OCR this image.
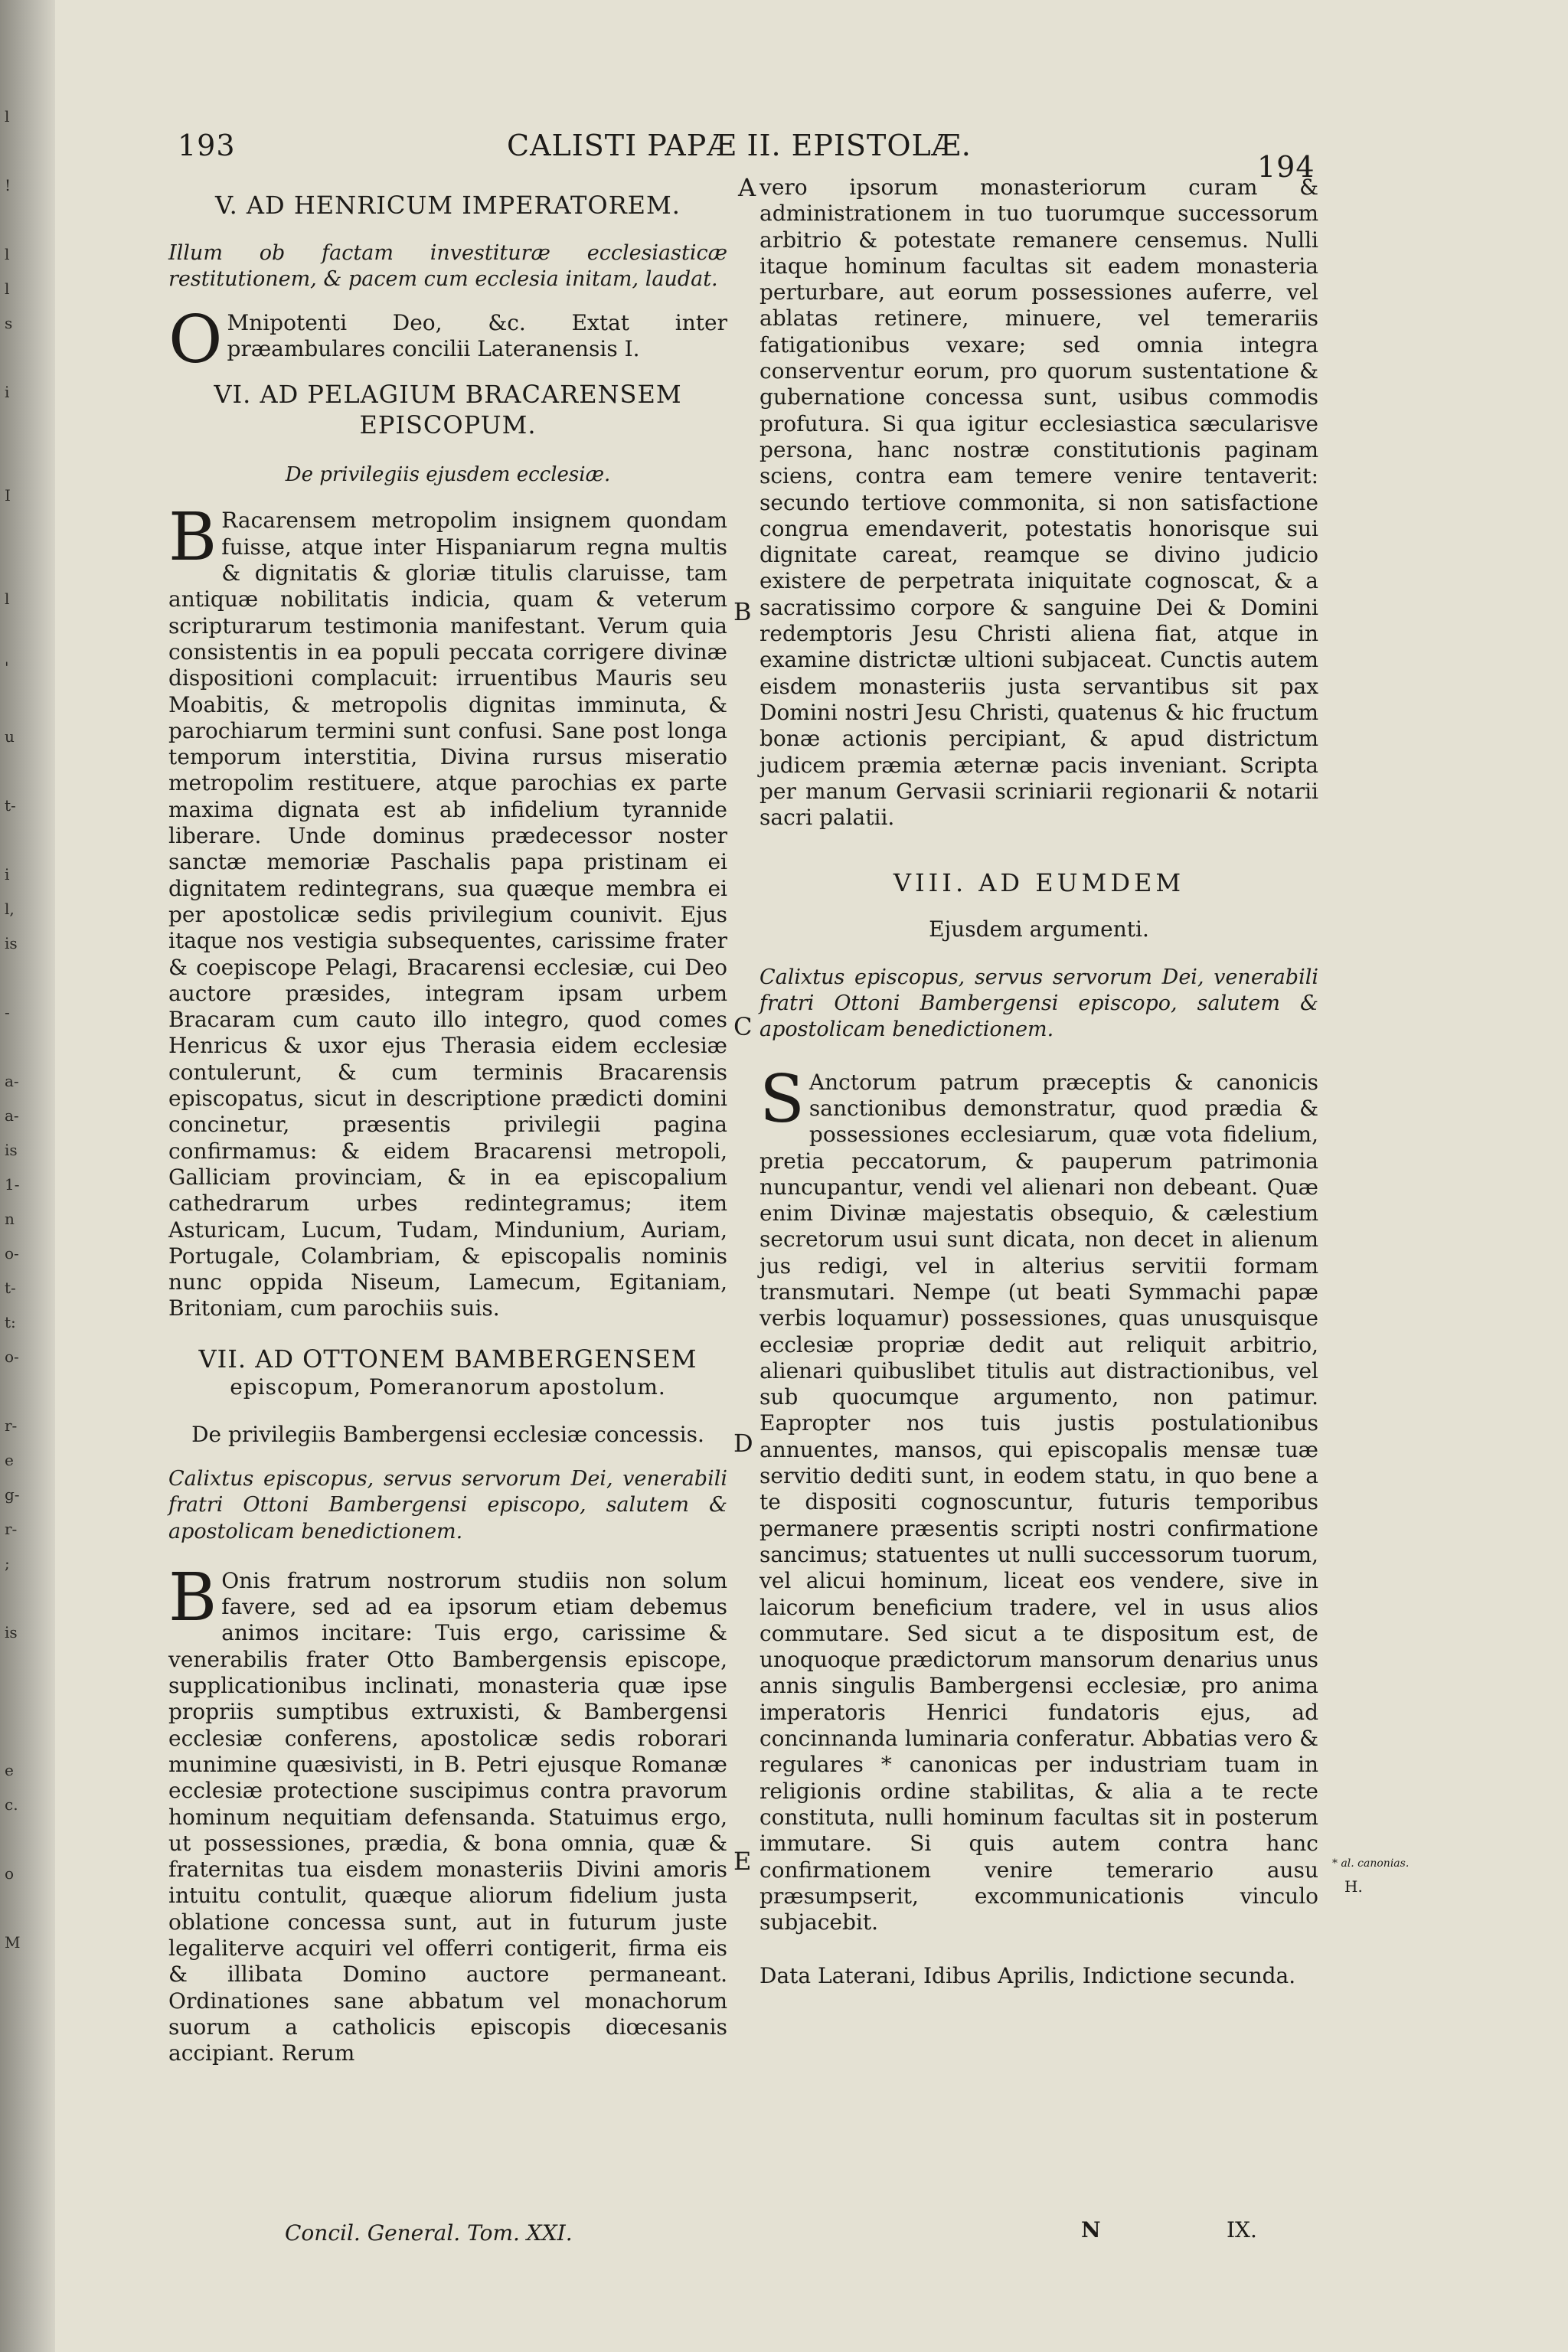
l
!
l
l
s
i
I
l
'
u
t-
i
l,
is
-
a-
a-
is
1-
n
o-
t-
t:
o-
r-
e
g-
r-
;
is
e
c.
o
M
193	CALISTI PAPÆ II. EPISTOLÆ.
194
A
B
C
D
E

V. AD HENRICUM IMPERATOREM.

Illum ob factam investituræ ecclesiasticæ restitutionem, & pacem cum ecclesia initam, laudat.

O Mnipotenti Deo, &c. Extat inter præambulares concilii Lateranensis I.

VI. AD PELAGIUM BRACARENSEM

EPISCOPUM.

De privilegiis ejusdem ecclesiæ.

B Racarensem metropolim insignem quondam fuisse, atque inter Hispaniarum regna multis & dignitatis & gloriæ titulis claruisse, tam antiquæ nobilitatis indicia, quam & veterum scripturarum testimonia manifestant. Verum quia consistentis in ea populi peccata corrigere divinæ dispositioni complacuit: irruentibus Mauris seu Moabitis, & metropolis dignitas imminuta, & parochiarum termini sunt confusi. Sane post longa temporum interstitia, Divina rursus miseratio metropolim restituere, atque parochias ex parte maxima dignata est ab infidelium tyrannide liberare. Unde dominus prædecessor noster sanctæ memoriæ Paschalis papa pristinam ei dignitatem redintegrans, sua quæque membra ei per apostolicæ sedis privilegium counivit. Ejus itaque nos vestigia subsequentes, carissime frater & coepiscope Pelagi, Bracarensi ecclesiæ, cui Deo auctore præsides, integram ipsam urbem Bracaram cum cauto illo integro, quod comes Henricus & uxor ejus Therasia eidem ecclesiæ contulerunt, & cum terminis Bracarensis episcopatus, sicut in descriptione prædicti domini concinetur, præsentis privilegii pagina confirmamus: & eidem Bracarensi metropoli, Galliciam provinciam, & in ea episcopalium cathedrarum urbes redintegramus; item Asturicam, Lucum, Tudam, Mindunium, Auriam, Portugale, Colambriam, & episcopalis nominis nunc oppida Niseum, Lamecum, Egitaniam, Britoniam, cum parochiis suis.

VII. AD OTTONEM BAMBERGENSEM

episcopum, Pomeranorum apostolum.

De privilegiis Bambergensi ecclesiæ concessis.

Calixtus episcopus, servus servorum Dei, venerabili fratri Ottoni Bambergensi episcopo, salutem & apostolicam benedictionem.

B Onis fratrum nostrorum studiis non solum favere, sed ad ea ipsorum etiam debemus animos incitare: Tuis ergo, carissime & venerabilis frater Otto Bambergensis episcope, supplicationibus inclinati, monasteria quæ ipse propriis sumptibus extruxisti, & Bambergensi ecclesiæ conferens, apostolicæ sedis roborari munimine quæsivisti, in B. Petri ejusque Romanæ ecclesiæ protectione suscipimus contra pravorum hominum nequitiam defensanda. Statuimus ergo, ut possessiones, prædia, & bona omnia, quæ & fraternitas tua eisdem monasteriis Divini amoris intuitu contulit, quæque aliorum fidelium justa oblatione concessa sunt, aut in futurum juste legaliterve acquiri vel offerri contigerit, firma eis & illibata Domino auctore permaneant. Ordinationes sane abbatum vel monachorum suorum a catholicis episcopis diœcesanis accipiant. Rerum

Concil. General. Tom. XXI.

vero ipsorum monasteriorum curam & administrationem in tuo tuorumque successorum arbitrio & potestate remanere censemus. Nulli itaque hominum facultas sit eadem monasteria perturbare, aut eorum possessiones auferre, vel ablatas retinere, minuere, vel temerariis fatigationibus vexare; sed omnia integra conserventur eorum, pro quorum sustentatione & gubernatione concessa sunt, usibus commodis profutura. Si qua igitur ecclesiastica sæcularisve persona, hanc nostræ constitutionis paginam sciens, contra eam temere venire tentaverit: secundo tertiove commonita, si non satisfactione congrua emendaverit, potestatis honorisque sui dignitate careat, reamque se divino judicio existere de perpetrata iniquitate cognoscat, & a sacratissimo corpore & sanguine Dei & Domini redemptoris Jesu Christi aliena fiat, atque in examine districtæ ultioni subjaceat. Cunctis autem eisdem monasteriis justa servantibus sit pax Domini nostri Jesu Christi, quatenus & hic fructum bonæ actionis percipiant, & apud districtum judicem præmia æternæ pacis inveniant. Scripta per manum Gervasii scriniarii regionarii & notarii sacri palatii.

VIII. AD EUMDEM

Ejusdem argumenti.

Calixtus episcopus, servus servorum Dei, venerabili fratri Ottoni Bambergensi episcopo, salutem & apostolicam benedictionem.

S Anctorum patrum præceptis & canonicis sanctionibus demonstratur, quod prædia & possessiones ecclesiarum, quæ vota fidelium, pretia peccatorum, & pauperum patrimonia nuncupantur, vendi vel alienari non debeant. Quæ enim Divinæ majestatis obsequio, & cælestium secretorum usui sunt dicata, non decet in alienum jus redigi, vel in alterius servitii formam transmutari. Nempe (ut beati Symmachi papæ verbis loquamur) possessiones, quas unusquisque ecclesiæ propriæ dedit aut reliquit arbitrio, alienari quibuslibet titulis aut distractionibus, vel sub quocumque argumento, non patimur. Eapropter nos tuis justis postulationibus annuentes, mansos, qui episcopalis mensæ tuæ servitio dediti sunt, in eodem statu, in quo bene a te dispositi cognoscuntur, futuris temporibus permanere præsentis scripti nostri confirmatione sancimus; statuentes ut nulli successorum tuorum, vel alicui hominum, liceat eos vendere, sive in laicorum beneficium tradere, vel in usus alios commutare. Sed sicut a te dispositum est, de unoquoque prædictorum mansorum denarius unus annis singulis Bambergensi ecclesiæ, pro anima imperatoris Henrici fundatoris ejus, ad concinnanda luminaria conferatur. Abbatias vero & regulares * canonicas per industriam tuam in religionis ordine stabilitas, & alia a te recte constituta, nulli hominum facultas sit in posterum immutare. Si quis autem contra hanc confirmationem venire temerario ausu præsumpserit, excommunicationis vinculo subjacebit.

Data Laterani, Idibus Aprilis, Indictione secunda.

* al. canonias.
H.
N	IX.
